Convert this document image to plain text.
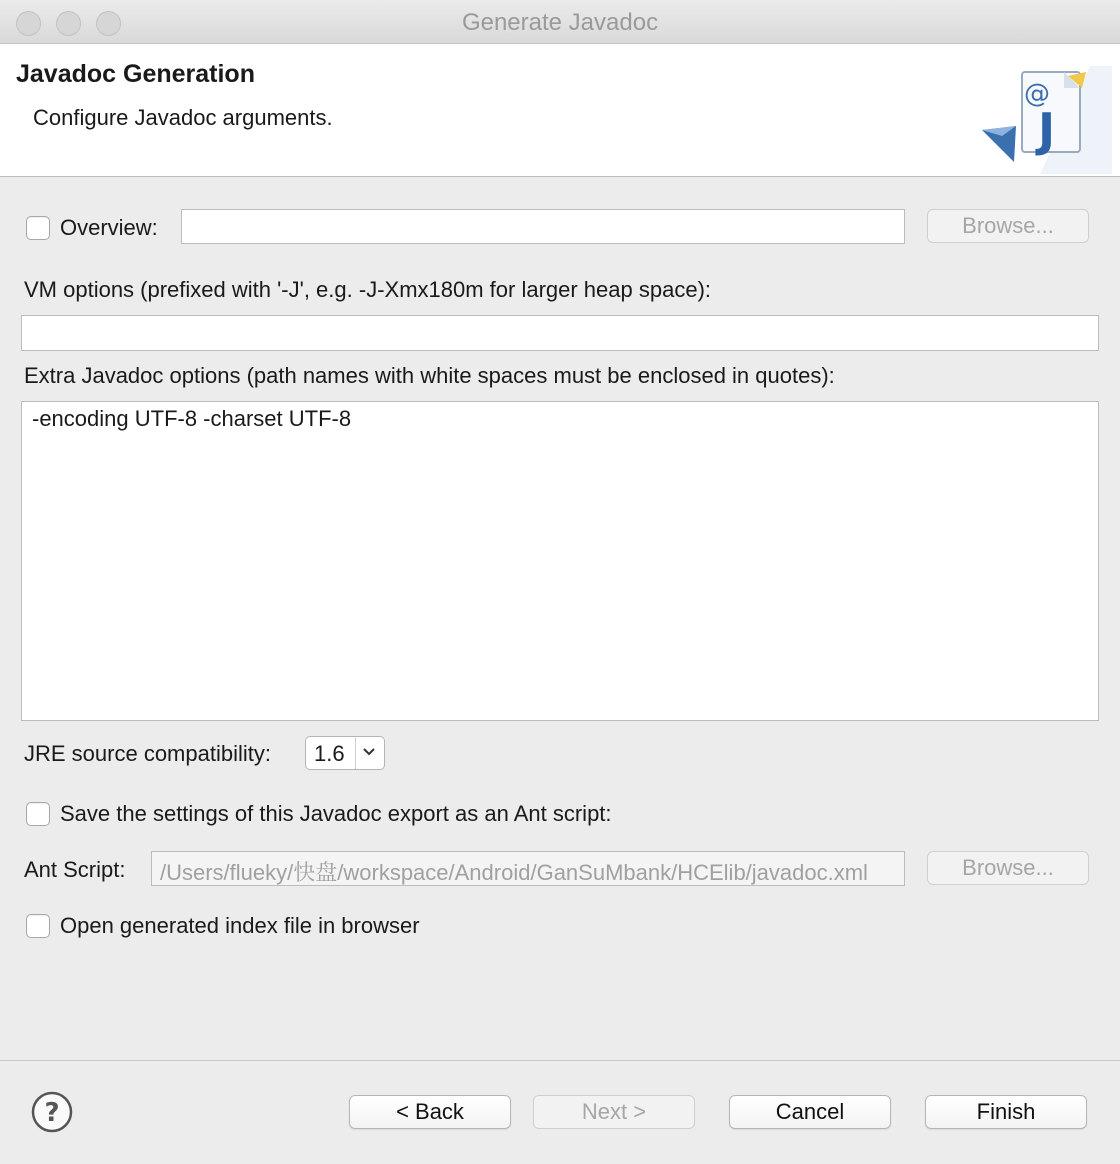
Generate Javadoc
Javadoc Generation
Configure Javadoc arguments.
@
J
Overview:	Browse...
VM options (prefixed with '-J', e.g. -J-Xmx180m for larger heap space):
Extra Javadoc options (path names with white spaces must be enclosed in quotes):
-encoding UTF-8 -charset UTF-8
JRE source compatibility: 1.6
Save the settings of this Javadoc export as an Ant script:
Ant Script:	/Users/flueky/快盘/workspace/Android/GanSuMbank/HCElib/javadoc.xml	Browse...
Open generated index file in browser
?	< Back	Next >	Cancel	Finish
